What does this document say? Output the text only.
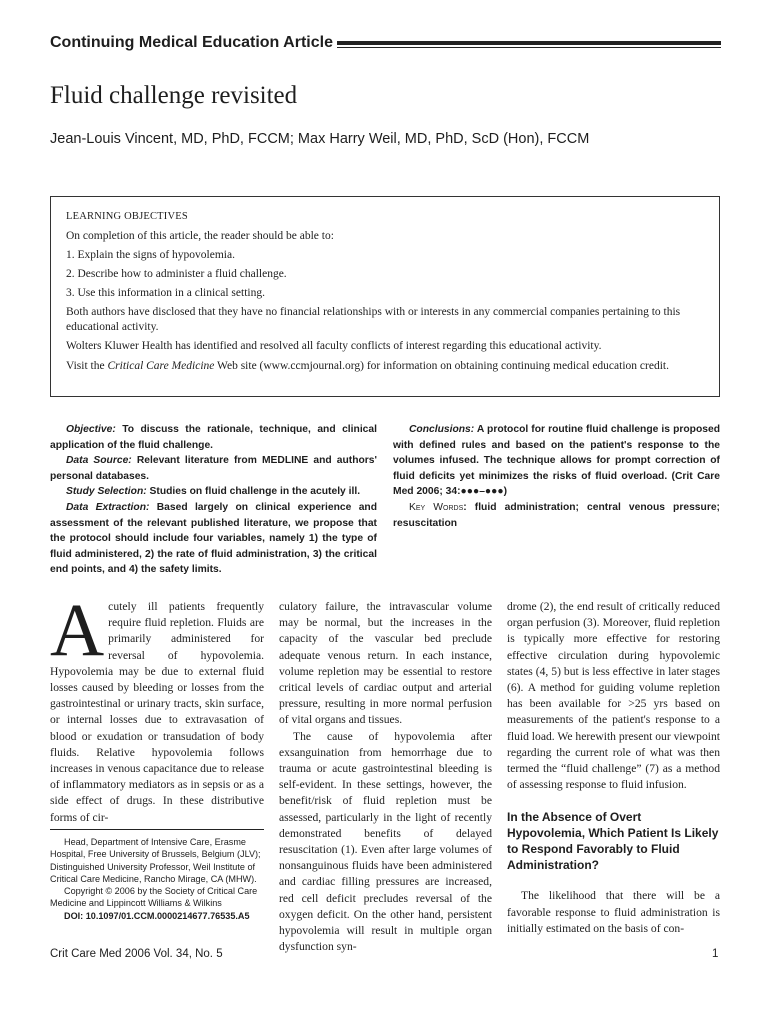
Continuing Medical Education Article
Fluid challenge revisited
Jean-Louis Vincent, MD, PhD, FCCM; Max Harry Weil, MD, PhD, ScD (Hon), FCCM

LEARNING OBJECTIVES

On completion of this article, the reader should be able to:

1. Explain the signs of hypovolemia.

2. Describe how to administer a fluid challenge.

3. Use this information in a clinical setting.

Both authors have disclosed that they have no financial relationships with or interests in any commercial companies pertaining to this educational activity.

Wolters Kluwer Health has identified and resolved all faculty conflicts of interest regarding this educational activity.

Visit the Critical Care Medicine Web site (www.ccmjournal.org) for information on obtaining continuing medical education credit.

Objective: To discuss the rationale, technique, and clinical application of the fluid challenge.

Data Source: Relevant literature from MEDLINE and authors' personal databases.

Study Selection: Studies on fluid challenge in the acutely ill.

Data Extraction: Based largely on clinical experience and assessment of the relevant published literature, we propose that the protocol should include four variables, namely 1) the type of fluid administered, 2) the rate of fluid administration, 3) the critical end points, and 4) the safety limits.

Conclusions: A protocol for routine fluid challenge is proposed with defined rules and based on the patient's response to the volumes infused. The technique allows for prompt correction of fluid deficits yet minimizes the risks of fluid overload. (Crit Care Med 2006; 34:●●●–●●●)

Key Words: fluid administration; central venous pressure; resuscitation

A cutely ill patients frequently require fluid repletion. Fluids are primarily administered for reversal of hypovolemia. Hypovolemia may be due to external fluid losses caused by bleeding or losses from the gastrointestinal or urinary tracts, skin surface, or internal losses due to extravasation of blood or exudation or transudation of body fluids. Relative hypovolemia follows increases in venous capacitance due to release of inflammatory mediators as in sepsis or as a side effect of drugs. In these distributive forms of cir-

Head, Department of Intensive Care, Erasme Hospital, Free University of Brussels, Belgium (JLV); Distinguished University Professor, Weil Institute of Critical Care Medicine, Rancho Mirage, CA (MHW).

Copyright © 2006 by the Society of Critical Care Medicine and Lippincott Williams & Wilkins

DOI: 10.1097/01.CCM.0000214677.76535.A5

culatory failure, the intravascular volume may be normal, but the increases in the capacity of the vascular bed preclude adequate venous return. In each instance, volume repletion may be essential to restore critical levels of cardiac output and arterial pressure, resulting in more normal perfusion of vital organs and tissues.

The cause of hypovolemia after exsanguination from hemorrhage due to trauma or acute gastrointestinal bleeding is self-evident. In these settings, however, the benefit/risk of fluid repletion must be assessed, particularly in the light of recently demonstrated benefits of delayed resuscitation (1). Even after large volumes of nonsanguinous fluids have been administered and cardiac filling pressures are increased, red cell deficit precludes reversal of the oxygen deficit. On the other hand, persistent hypovolemia will result in multiple organ dysfunction syn-

drome (2), the end result of critically reduced organ perfusion (3). Moreover, fluid repletion is typically more effective for restoring effective circulation during hypovolemic states (4, 5) but is less effective in later stages (6). A method for guiding volume repletion has been available for >25 yrs based on measurements of the patient's response to a fluid load. We herewith present our viewpoint regarding the current role of what was then termed the “fluid challenge” (7) as a method of assessing response to fluid infusion.

In the Absence of Overt Hypovolemia, Which Patient Is Likely to Respond Favorably to Fluid Administration?

The likelihood that there will be a favorable response to fluid administration is initially estimated on the basis of con-

Crit Care Med 2006 Vol. 34, No. 5	1
